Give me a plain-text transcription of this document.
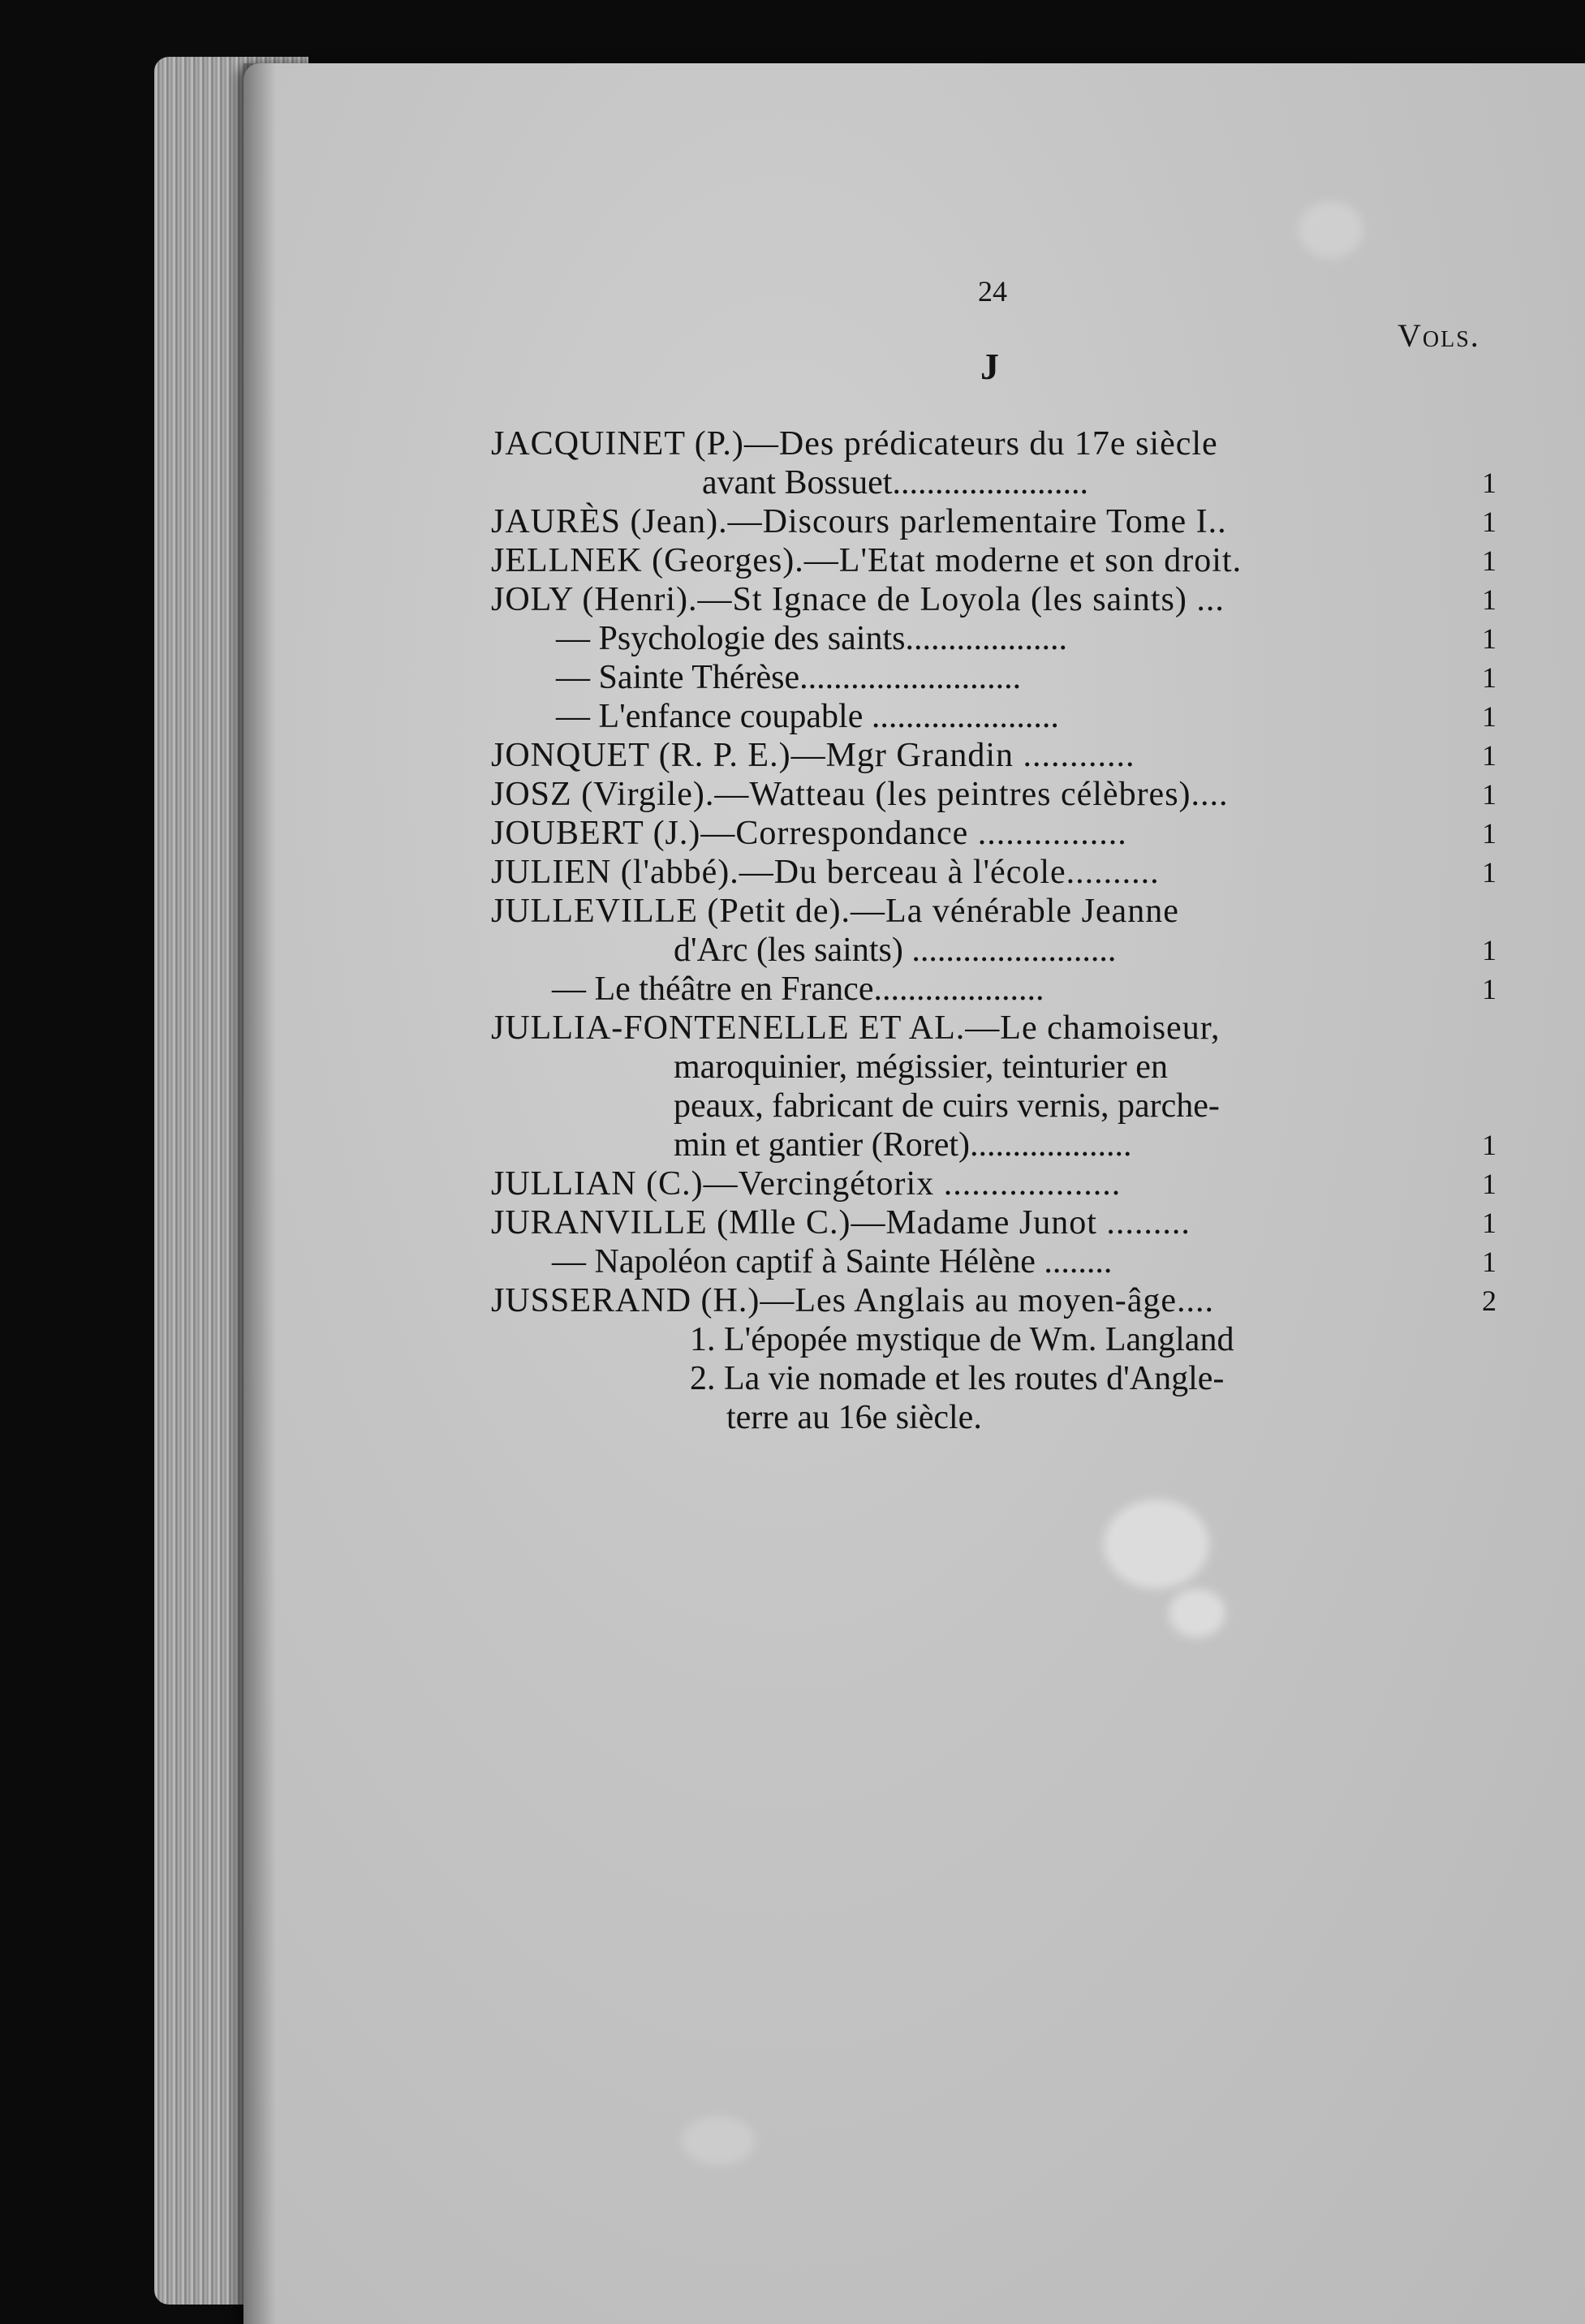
24
Vols.
J
JACQUINET (P.)—Des prédicateurs du 17e siècle
avant Bossuet.......................	1
JAURÈS (Jean).—Discours parlementaire Tome I..	1
JELLNEK (Georges).—L'Etat moderne et son droit.	1
JOLY (Henri).—St Ignace de Loyola (les saints) ...	1
— Psychologie des saints...................	1
— Sainte Thérèse..........................	1
— L'enfance coupable ......................	1
JONQUET (R. P. E.)—Mgr Grandin ............	1
JOSZ (Virgile).—Watteau (les peintres célèbres)....	1
JOUBERT (J.)—Correspondance ................	1
JULIEN (l'abbé).—Du berceau à l'école..........	1
JULLEVILLE (Petit de).—La vénérable Jeanne
d'Arc (les saints) ........................	1
— Le théâtre en France....................	1
JULLIA-FONTENELLE ET AL.—Le chamoiseur,
maroquinier, mégissier, teinturier en
peaux, fabricant de cuirs vernis, parche-
min et gantier (Roret)...................	1
JULLIAN (C.)—Vercingétorix ...................	1
JURANVILLE (Mlle C.)—Madame Junot .........	1
— Napoléon captif à Sainte Hélène ........	1
JUSSERAND (H.)—Les Anglais au moyen-âge....	2
1. L'épopée mystique de Wm. Langland
2. La vie nomade et les routes d'Angle-
terre au 16e siècle.
